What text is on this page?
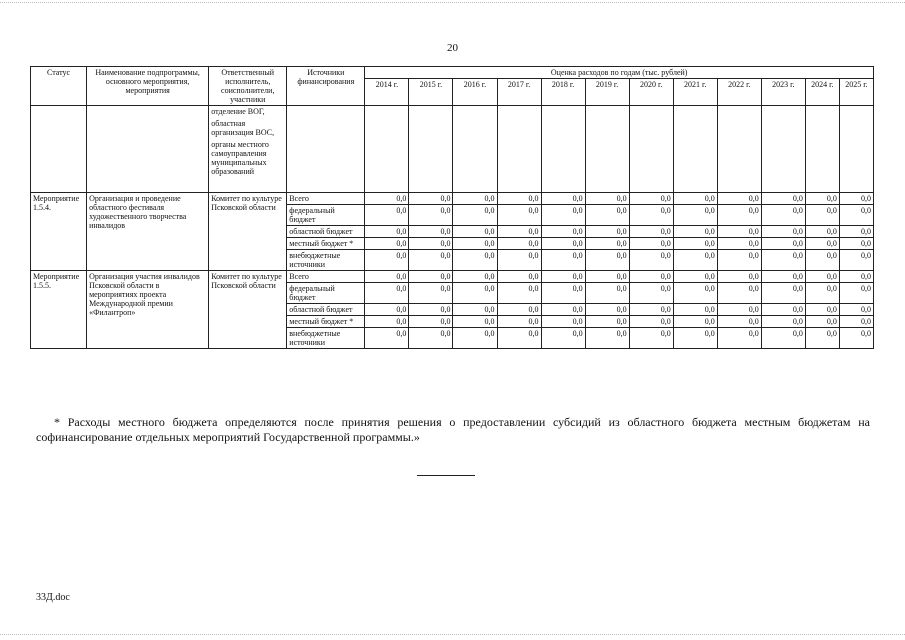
20
Статус	Наименование подпрограммы, основного мероприятия, мероприятия	Ответственный исполнитель, соисполнители, участники	Источники финансирования	Оценка расходов по годам (тыс. рублей)											
				2014 г.	2015 г.	2016 г.	2017 г.	2018 г.	2019 г.	2020 г.	2021 г.	2022 г.	2023 г.	2024 г.	2025 г.

		отделение ВОГ,
областная организация ВОС,
органы местного самоуправления муниципальных образований													

Мероприятие 1.5.4.	Организация и проведение областного фестиваля художественного творчества инвалидов	Комитет по культуре Псковской области	Всего	0,0	0,0	0,0	0,0	0,0	0,0	0,0	0,0	0,0	0,0	0,0	0,0
			федеральный бюджет	0,0	0,0	0,0	0,0	0,0	0,0	0,0	0,0	0,0	0,0	0,0	0,0
			областной бюджет	0,0	0,0	0,0	0,0	0,0	0,0	0,0	0,0	0,0	0,0	0,0	0,0
			местный бюджет *	0,0	0,0	0,0	0,0	0,0	0,0	0,0	0,0	0,0	0,0	0,0	0,0
			внебюджетные источники	0,0	0,0	0,0	0,0	0,0	0,0	0,0	0,0	0,0	0,0	0,0	0,0
Мероприятие 1.5.5.	Организация участия инвалидов Псковской области в мероприятиях проекта Международной премии «Филантроп»	Комитет по культуре Псковской области	Всего	0,0	0,0	0,0	0,0	0,0	0,0	0,0	0,0	0,0	0,0	0,0	0,0
			федеральный бюджет	0,0	0,0	0,0	0,0	0,0	0,0	0,0	0,0	0,0	0,0	0,0	0,0
			областной бюджет	0,0	0,0	0,0	0,0	0,0	0,0	0,0	0,0	0,0	0,0	0,0	0,0
			местный бюджет *	0,0	0,0	0,0	0,0	0,0	0,0	0,0	0,0	0,0	0,0	0,0	0,0
			внебюджетные источники	0,0	0,0	0,0	0,0	0,0	0,0	0,0	0,0	0,0	0,0	0,0	0,0
* Расходы местного бюджета определяются после принятия решения о предоставлении субсидий из областного бюджета местным бюджетам на софинансирование отдельных мероприятий Государственной программы.»
33Д.doc
